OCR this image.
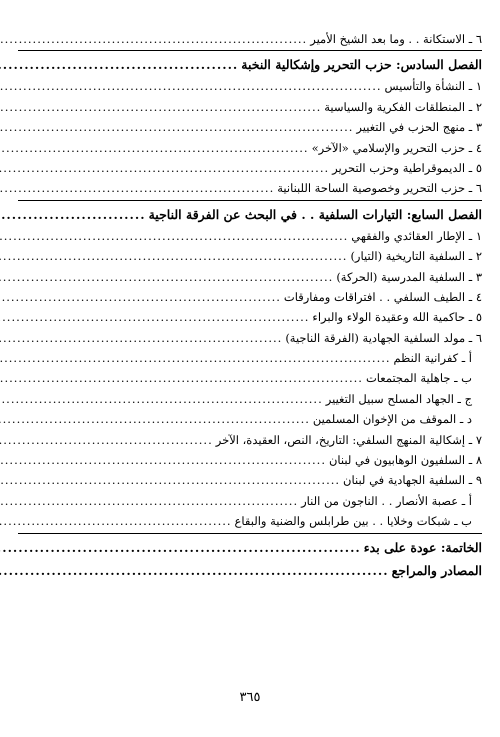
٦ ـ الاستكانة . . وما بعد الشيخ الأمير
.....
الفصل السادس: حزب التحرير وإشكالية النخبة
.....
١ ـ النشأة والتأسيس
.....
٢ ـ المنطلقات الفكرية والسياسية
.....
٣ ـ منهج الحزب في التغيير
.....
٤ ـ حزب التحرير والإسلامي «الآخر»
.....
٥ ـ الديموقراطية وحزب التحرير
.....
٦ ـ حزب التحرير وخصوصية الساحة اللبنانية
.....
الفصل السابع: التيارات السلفية . . في البحث عن الفرقة الناجية
.....
١ ـ الإطار العقائدي والفقهي
.....
٢ ـ السلفية التاريخية (التيار)
.....
٣ ـ السلفية المدرسية (الحركة)
.....
٤ ـ الطيف السلفي . . افتراقات ومفارقات
.....
٥ ـ حاكمية الله وعقيدة الولاء والبراء
.....
٦ ـ مولد السلفية الجهادية (الفرقة الناجية)
.....
أ ـ كفرانية النظم
.....
ب ـ جاهلية المجتمعات
.....
ج ـ الجهاد المسلح سبيل التغيير
.....
د ـ الموقف من الإخوان المسلمين
.....
٧ ـ إشكالية المنهج السلفي: التاريخ، النص، العقيدة، الآخر
.....
٨ ـ السلفيون الوهابيون في لبنان
.....
٩ ـ السلفية الجهادية في لبنان
.....
أ ـ عصبة الأنصار . . الناجون من النار
.....
ب ـ شبكات وخلايا . . بين طرابلس والضنية والبقاع
.....
الخاتمة: عودة على بدء
.....
المصادر والمراجع
.....
٣٦٥
